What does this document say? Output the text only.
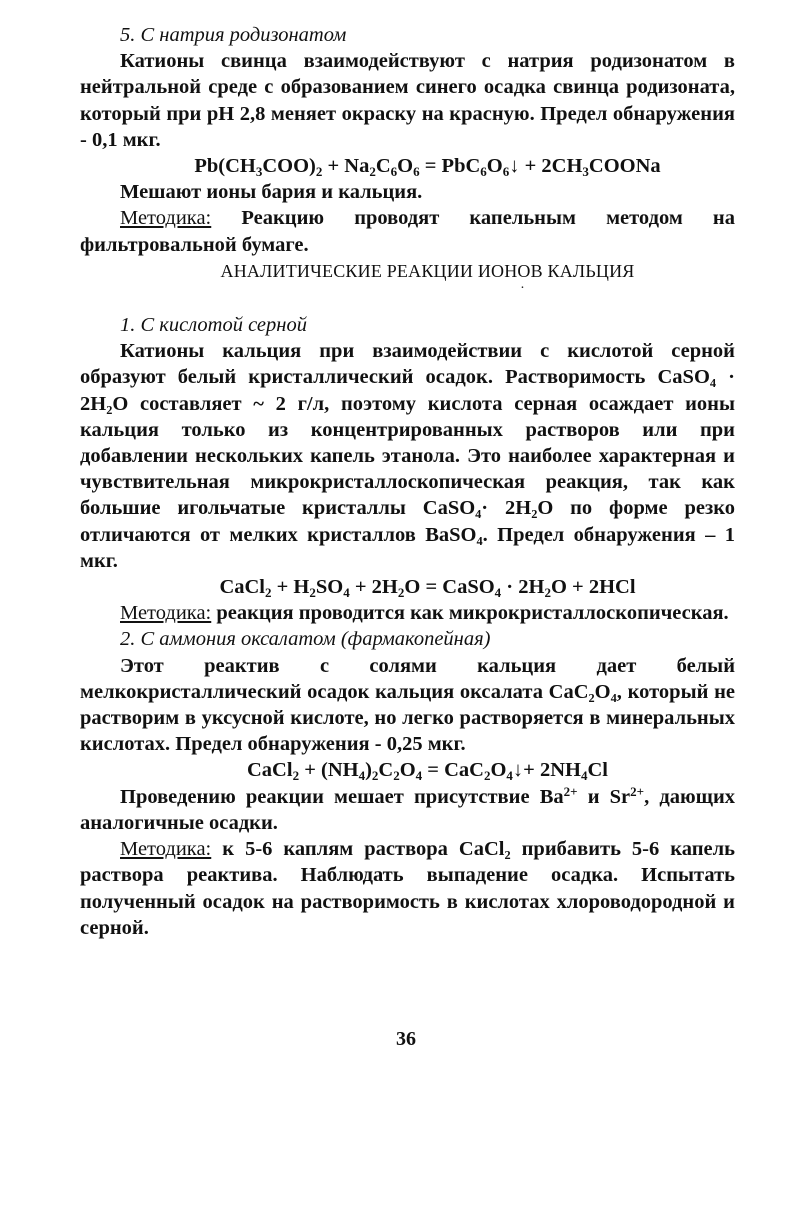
5. С натрия родизонатом

Катионы свинца взаимодействуют с натрия родизонатом в нейтральной среде с образованием синего осадка свинца родизоната, который при pH 2,8 меняет окраску на красную. Предел обнаружения - 0,1 мкг.

$Pb(CH_3COO)_2 + Na_2C_6O_6$ = $PbC_6O_6↓$ + $2CH_3COONa$

Мешают ионы бария и кальция.

Методика: Реакцию проводят капельным методом на фильтровальной бумаге.

АНАЛИТИЧЕСКИЕ РЕАКЦИИ ИОНОВ КАЛЬЦИЯ

·

1. С кислотой серной

Катионы кальция при взаимодействии с кислотой серной образуют белый кристаллический осадок. Растворимость CaSO₄ · 2H₂O составляет ~ 2 г/л, поэтому кислота серная осаждает ионы кальция только из концентрированных растворов или при добавлении нескольких капель этанола. Это наиболее характерная и чувствительная микрокристаллоскопическая реакция, так как большие игольчатые кристаллы CaSO₄· 2H₂O по форме резко отличаются от мелких кристаллов BaSO₄. Предел обнаружения – 1 мкг.

CaCl$_2$ + $H_2SO_4 + 2H_2O$ = CaSO$_4$ · $2H_2O + 2HCl$

Методика: реакция проводится как микрокристаллоскопическая.

2. С аммония оксалатом (фармакопейная)

Этот реактив с солями кальция дает белый мелкокристаллический осадок кальция оксалата CaC₂O₄, который не растворим в уксусной кислоте, но легко растворяется в минеральных кислотах. Предел обнаружения - 0,25 мкг.

CaCl$_2$ + $(NH_4)_2C_2O_4$ = $CaC_2O_4↓+ 2NH_4Cl$

Проведению реакции мешает присутствие $Ba^{2+}$ и $Sr^{2+}$, дающих аналогичные осадки.

Методика: к 5-6 каплям раствора CaCl₂ прибавить 5-6 капель раствора реактива. Наблюдать выпадение осадка. Испытать полученный осадок на растворимость в кислотах хлороводородной и серной.

36
